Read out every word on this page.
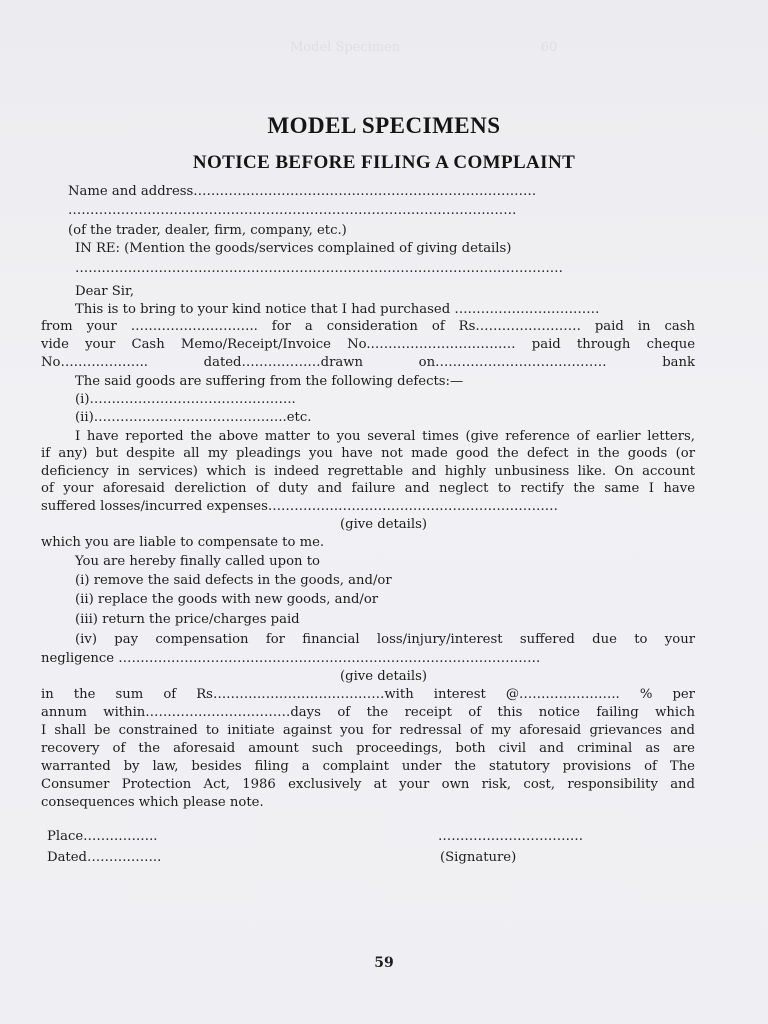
Model Specimen                                  60
MODEL SPECIMENS
NOTICE BEFORE FILING A COMPLAINT
Name and address……………………………………………………………………
…………………………………………………………………………………………
(of the trader, dealer, firm, company, etc.)
IN RE: (Mention the goods/services complained of giving details)
…………………………………………………………………………………………………
Dear Sir,
This is to bring to your kind notice that I had purchased ……………………………
from your ……………………….. for a consideration of Rs…………………… paid in cash
vide your Cash Memo/Receipt/Invoice No.…………………………… paid through cheque
No……………….. dated………………drawn on………………………………… bank
The said goods are suffering from the following defects:—
(i)………………………………………..
(ii)……………………………………..etc.
I have reported the above matter to you several times (give reference of earlier letters,
if any) but despite all my pleadings you have not made good the defect in the goods (or
deficiency in services) which is indeed regrettable and highly unbusiness like. On account
of your aforesaid dereliction of duty and failure and neglect to rectify the same I have
suffered losses/incurred expenses…………………………………………………………
(give details)
which you are liable to compensate to me.
You are hereby finally called upon to
(i) remove the said defects in the goods, and/or
(ii) replace the goods with new goods, and/or
(iii) return the price/charges paid
(iv) pay compensation for financial loss/injury/interest suffered due to your
negligence ……………………………………………………………………………………
(give details)
in the sum of Rs…………………………………with interest @………………….. % per
annum within……………………………days of the receipt of this notice failing which
I shall be constrained to initiate against you for redressal of my aforesaid grievances and
recovery of the aforesaid amount such proceedings, both civil and criminal as are
warranted by law, besides filing a complaint under the statutory provisions of The
Consumer Protection Act, 1986 exclusively at your own risk, cost, responsibility and
consequences which please note.
Place……………..	……………………………
Dated……………..	(Signature)
59
